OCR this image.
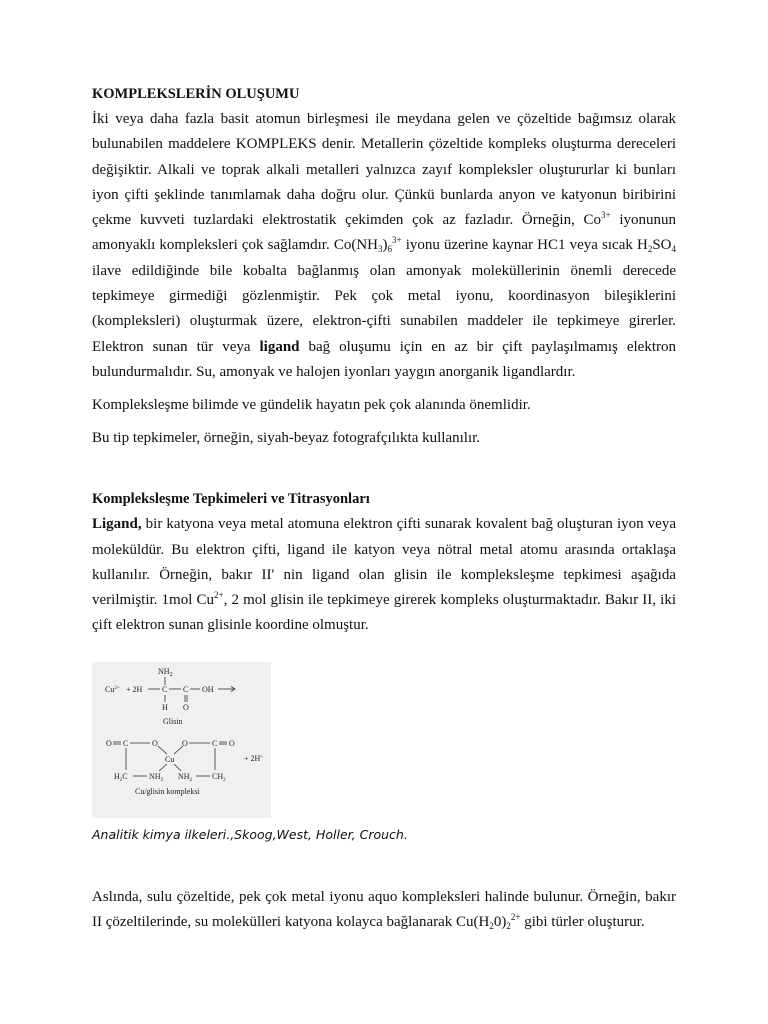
KOMPLEKSLERİN OLUŞUMU

İki veya daha fazla basit atomun birleşmesi ile meydana gelen ve çözeltide bağımsız olarak bulunabilen maddelere KOMPLEKS denir. Metallerin çözeltide kompleks oluşturma dereceleri değişiktir. Alkali ve toprak alkali metalleri yalnızca zayıf kompleksler oluştururlar ki bunları iyon çifti şeklinde tanımlamak daha doğru olur. Çünkü bunlarda anyon ve katyonun biribirini çekme kuvveti tuzlardaki elektrostatik çekimden çok az fazladır. Örneğin, $Co^{3+}$ iyonunun amonyaklı kompleksleri çok sağlamdır. $Co(NH_3)_6^{3+}$ iyonu üzerine kaynar HC1 veya sıcak $H_2SO_4$ ilave edildiğinde bile kobalta bağlanmış olan amonyak moleküllerinin önemli derecede tepkimeye girmediği gözlenmiştir. Pek çok metal iyonu, koordinasyon bileşiklerini (kompleksleri) oluşturmak üzere, elektron-çifti sunabilen maddeler ile tepkimeye girerler. Elektron sunan tür veya ligand bağ oluşumu için en az bir çift paylaşılmamış elektron bulundurmalıdır. Su, amonyak ve halojen iyonları yaygın anorganik ligandlardır.

Kompleksleşme bilimde ve gündelik hayatın pek çok alanında önemlidir.

Bu tip tepkimeler, örneğin, siyah-beyaz fotografçılıkta kullanılır.

Kompleksleşme Tepkimeleri ve Titrasyonları

Ligand, bir katyona veya metal atomuna elektron çifti sunarak kovalent bağ oluşturan iyon veya moleküldür. Bu elektron çifti, ligand ile katyon veya nötral metal atomu arasında ortaklaşa kullanılır. Örneğin, bakır II' nin ligand olan glisin ile kompleksleşme tepkimesi aşağıda verilmiştir. 1mol $Cu^{2+}$, 2 mol glisin ile tepkimeye girerek kompleks oluşturmaktadır. Bakır II, iki çift elektron sunan glisinle koordine olmuştur.

$NH_2$
$Cu^{2+} + 2H$ C C OH
H O
Glisin
O C	O	O	C O
Cu	+ 2H+
$H_2C$	$NH_2$ $NH_2$ $CH_2$
Cu/glisin kompleksi
Analitik kimya ilkeleri.,Skoog,West, Holler, Crouch.

Aslında, sulu çözeltide, pek çok metal iyonu aquo kompleksleri halinde bulunur. Örneğin, bakır II çözeltilerinde, su molekülleri katyona kolayca bağlanarak $Cu(H_20)_2^{2+}$ gibi türler oluşturur.
